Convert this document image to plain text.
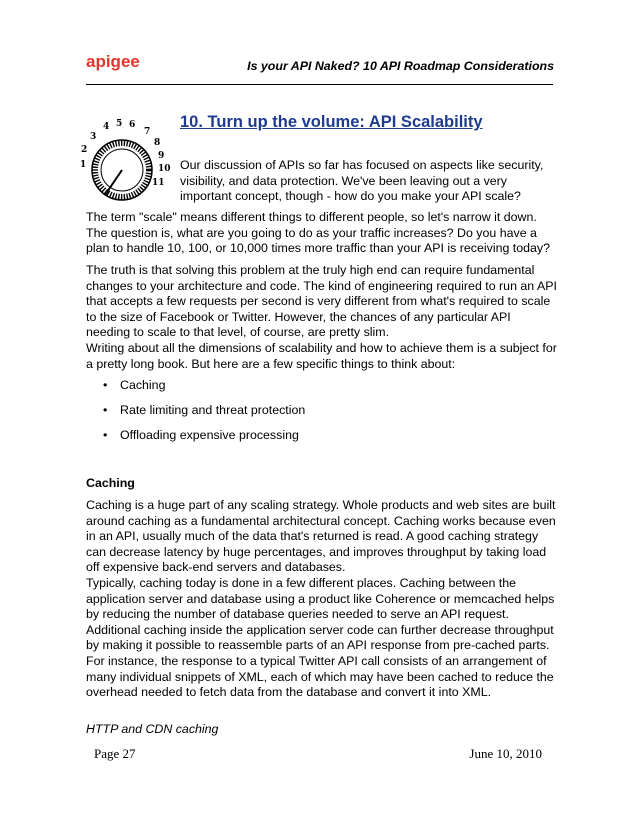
apigee	Is your API Naked? 10 API Roadmap Considerations
1
2
3
4 5 6
7
8
9
10
11
10. Turn up the volume: API Scalability
Our discussion of APIs so far has focused on aspects like security, visibility, and data protection. We've been leaving out a very important concept, though - how do you make your API scale?
The term "scale" means different things to different people, so let's narrow it down. The question is, what are you going to do as your traffic increases? Do you have a plan to handle 10, 100, or 10,000 times more traffic than your API is receiving today?
The truth is that solving this problem at the truly high end can require fundamental changes to your architecture and code. The kind of engineering required to run an API that accepts a few requests per second is very different from what's required to scale to the size of Facebook or Twitter. However, the chances of any particular API needing to scale to that level, of course, are pretty slim.
Writing about all the dimensions of scalability and how to achieve them is a subject for a pretty long book. But here are a few specific things to think about:
• Caching
• Rate limiting and threat protection
• Offloading expensive processing
Caching
Caching is a huge part of any scaling strategy. Whole products and web sites are built around caching as a fundamental architectural concept. Caching works because even in an API, usually much of the data that's returned is read. A good caching strategy can decrease latency by huge percentages, and improves throughput by taking load off expensive back-end servers and databases.
Typically, caching today is done in a few different places. Caching between the application server and database using a product like Coherence or memcached helps by reducing the number of database queries needed to serve an API request. Additional caching inside the application server code can further decrease throughput by making it possible to reassemble parts of an API response from pre-cached parts. For instance, the response to a typical Twitter API call consists of an arrangement of many individual snippets of XML, each of which may have been cached to reduce the overhead needed to fetch data from the database and convert it into XML.
HTTP and CDN caching
Page 27	June 10, 2010
